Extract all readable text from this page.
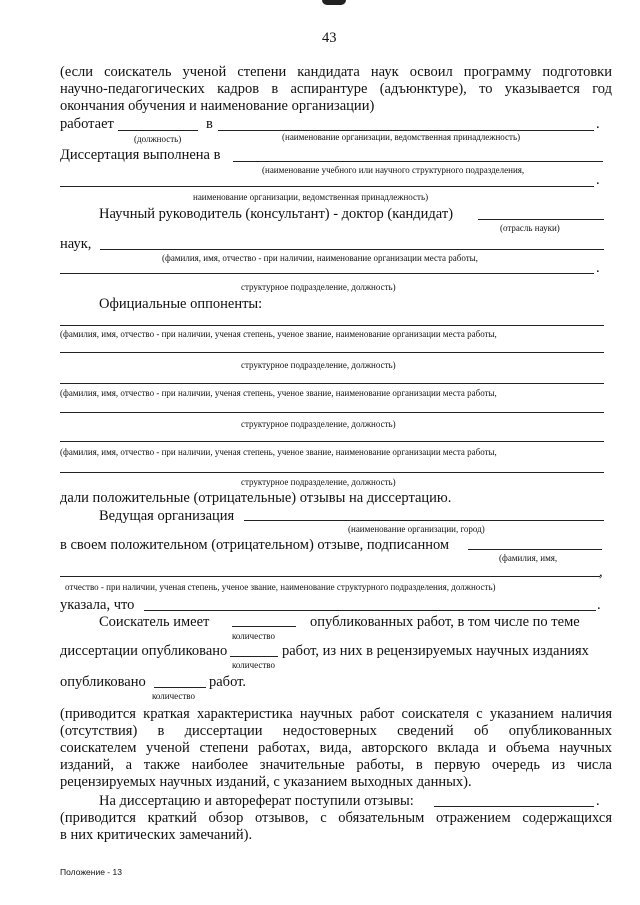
43
(если соискатель ученой степени кандидата наук освоил программу подготовки
научно-педагогических кадров в аспирантуре (адъюнктуре), то указывается год
окончания обучения и наименование организации)
работает	в	.
(должность)	(наименование организации, ведомственная принадлежность)
Диссертация выполнена в
(наименование учебного или научного структурного подразделения,
.
наименование организации, ведомственная принадлежность)
Научный руководитель (консультант) - доктор (кандидат)
(отрасль науки)
наук,
(фамилия, имя, отчество - при наличии, наименование организации места работы,
.
структурное подразделение, должность)
Официальные оппоненты:
(фамилия, имя, отчество - при наличии, ученая степень, ученое звание, наименование организации места работы,
структурное подразделение, должность)
(фамилия, имя, отчество - при наличии, ученая степень, ученое звание, наименование организации места работы,
структурное подразделение, должность)
(фамилия, имя, отчество - при наличии, ученая степень, ученое звание, наименование организации места работы,
структурное подразделение, должность)
дали положительные (отрицательные) отзывы на диссертацию.
Ведущая организация
(наименование организации, город)
в своем положительном (отрицательном) отзыве, подписанном
(фамилия, имя,
,
отчество - при наличии, ученая степень, ученое звание, наименование структурного подразделения, должность)
указала, что	.
Соискатель имеет	опубликованных работ, в том числе по теме
количество
диссертации опубликовано	работ, из них в рецензируемых научных изданиях
количество
опубликовано	работ.
количество
(приводится краткая характеристика научных работ соискателя с указанием наличия
(отсутствия) в диссертации недостоверных сведений об опубликованных
соискателем ученой степени работах, вида, авторского вклада и объема научных
изданий, а также наиболее значительные работы, в первую очередь из числа
рецензируемых научных изданий, с указанием выходных данных).
На диссертацию и автореферат поступили отзывы:	.
(приводится краткий обзор отзывов, с обязательным отражением содержащихся
в них критических замечаний).
Положение - 13
